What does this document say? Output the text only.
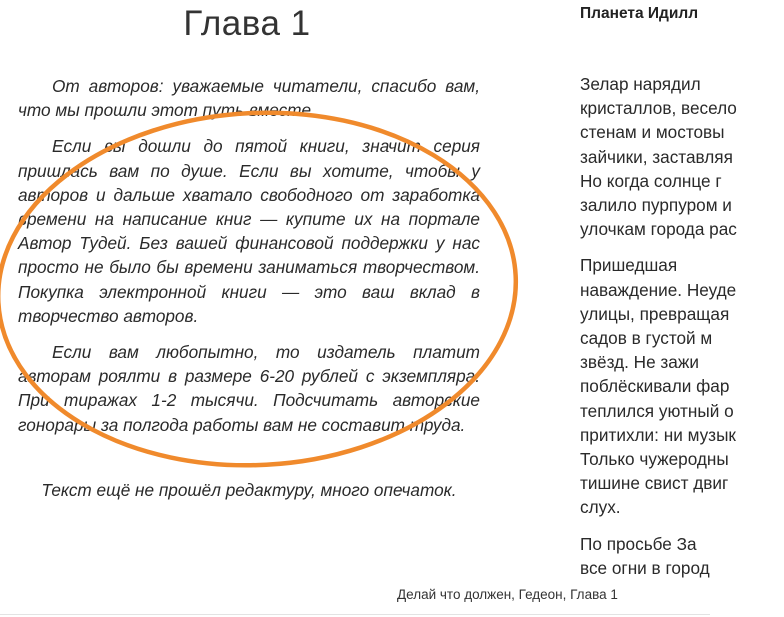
Глава 1

От авторов: уважаемые читатели, спасибо вам, что мы прошли этот путь вместе.

Если вы дошли до пятой книги, значит серия пришлась вам по душе. Если вы хотите, чтобы у авторов и дальше хватало свободного от заработка времени на написание книг — купите их на портале Автор Тудей. Без вашей финансовой поддержки у нас просто не было бы времени заниматься творчеством. Покупка электронной книги — это ваш вклад в творчество авторов.

Если вам любопытно, то издатель платит авторам роялти в размере 6-20 рублей с экземпляра. При тиражах 1-2 тысячи. Подсчитать авторские гонорары за полгода работы вам не составит труда.

Текст ещё не прошёл редактуру, много опечаток.
Планета Идилл

Зелар нарядил
кристаллов, весело
стенам и мостовы
зайчики, заставляя
Но когда солнце г
залило пурпуром и
улочкам города рас

Пришедшая
наваждение. Неуде
улицы, превращая
садов в густой м
звёзд. Не зажи
поблёскивали фар
теплился уютный о
притихли: ни музык
Только чужеродны
тишине свист двиг
слух.

По просьбе За
все огни в город

Делай что должен, Гедеон, Глава 1
